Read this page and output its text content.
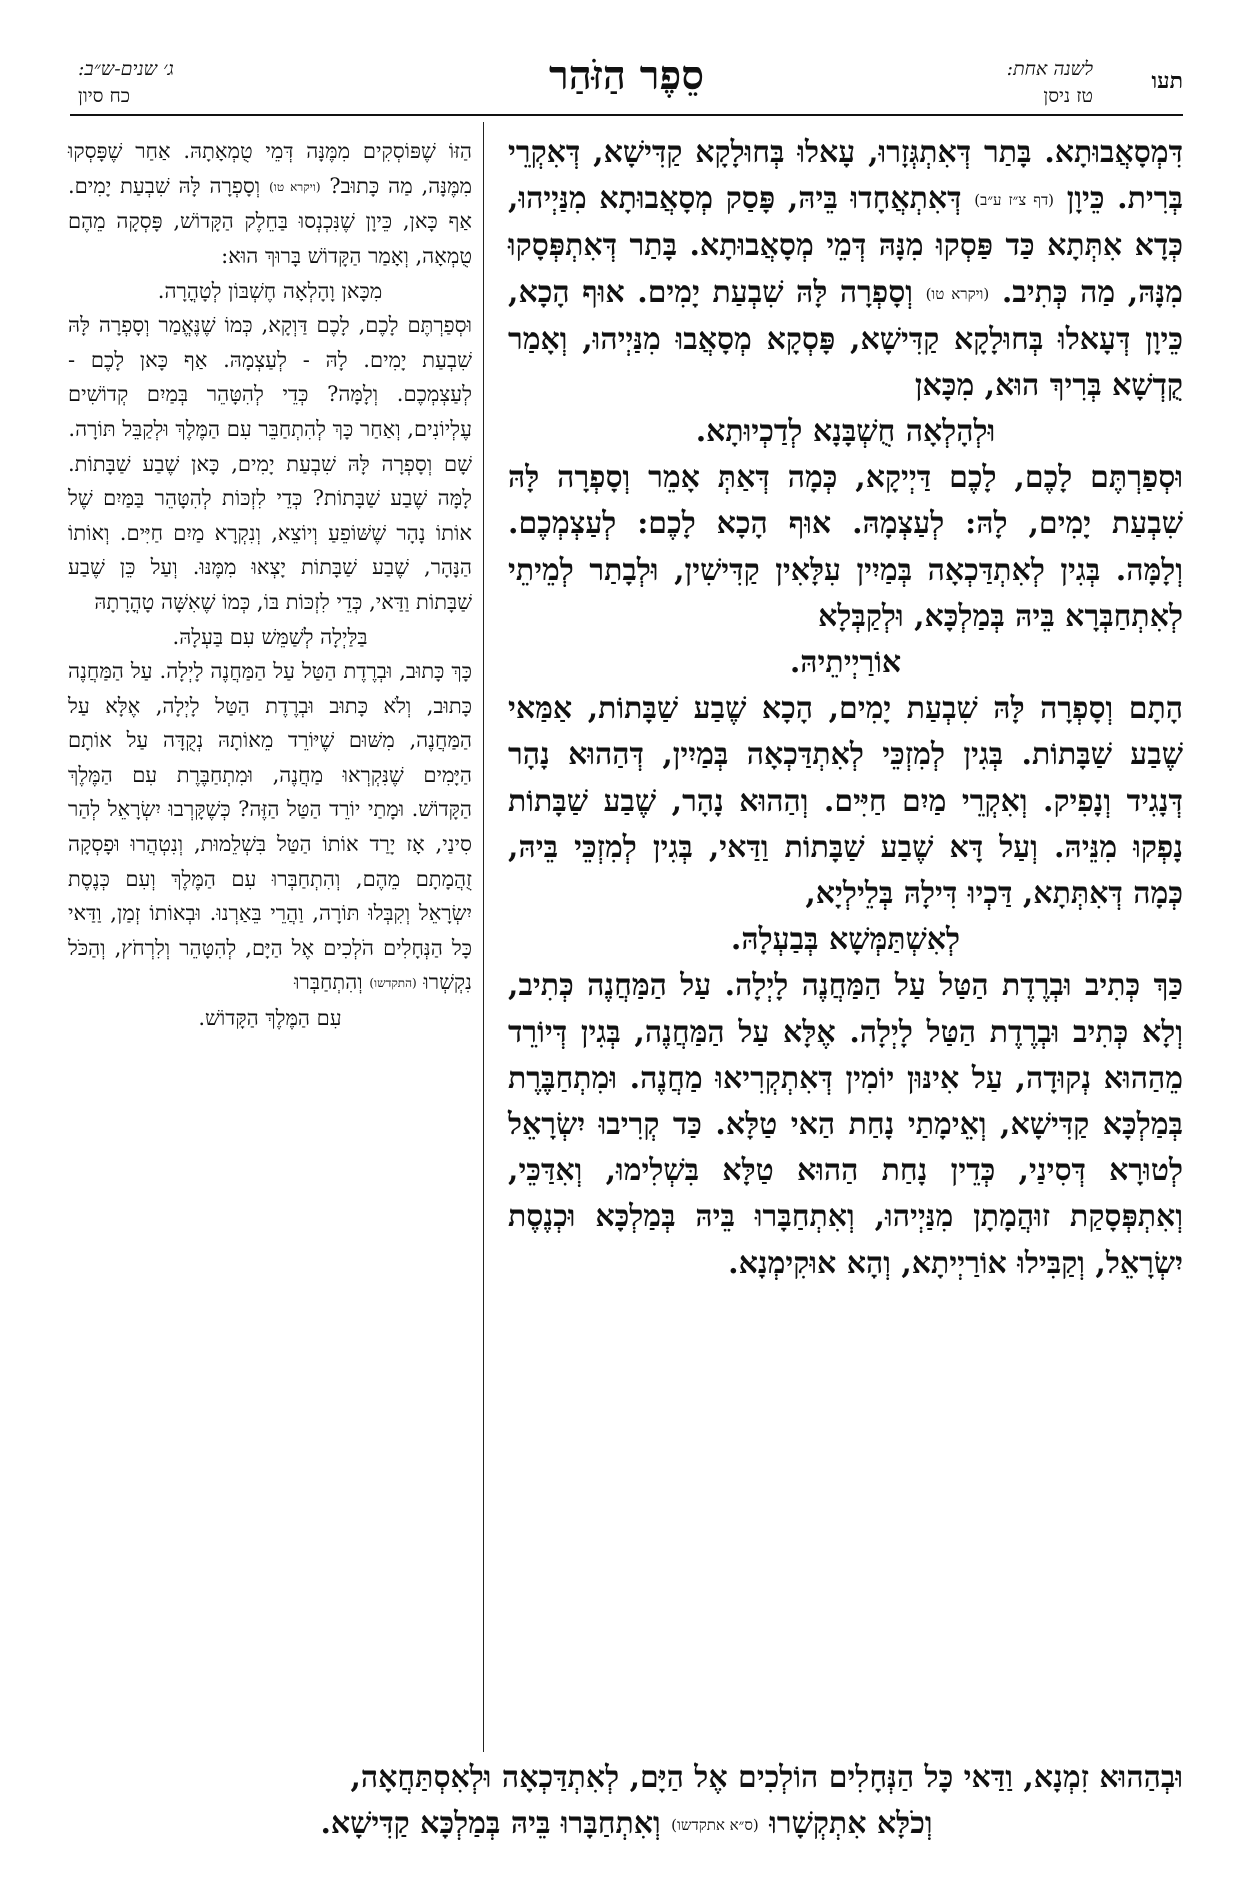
תעו
לשנה אחת:
טז ניסן
סֵפֶר הַזֹּהַר
ג׳ שנים-ש״ב:
כח סיון

דִּמְסָאֲבוּתָא. בָּתַר דְּאִתְגְּזָרוּ, עָאלוּ בְּחוּלָקָא קַדִּישָׁא, דְּאִקְרֵי בְּרִית. כֵּיוָן (דף צ״ז ע״ב) דְּאִתְאֲחָדוּ בֵּיהּ, פָּסַק מְסָאֲבוּתָא מִנַּיְיהוּ, כְּדָא אִתְּתָא כַּד פַּסְקוּ מִנָּהּ דְּמֵי מְסָאֲבוּתָא. בָּתַר דְּאִתְפְּסָקוּ מִנָּהּ, מַה כְּתִיב. (ויקרא טו) וְסָפְרָה לָּהּ שִׁבְעַת יָמִים. אוּף הָכָא, כֵּיוָן דְּעָאלוּ בְּחוּלָקָא קַדִּישָׁא, פָּסְקָא מְסָאֲבוּ מִנַּיְיהוּ, וְאָמַר קֻדְשָׁא בְּרִיךְ הוּא, מִכָּאן

וּלְהָלְאָה חֻשְׁבָּנָא לְדַכְיוּתָא.

וּסְפַרְתֶּם לָכֶם, לָכֶם דַּיְיקָא, כְּמָה דְּאַתְּ אָמֵר וְסָפְרָה לָּהּ שִׁבְעַת יָמִים, לָהּ: לְעַצְמָהּ. אוּף הָכָא לָכֶם: לְעַצְמְכֶם. וְלָמָּה. בְּגִין לְאִתְדַּכְאָה בְּמַיִין עִלָּאִין קַדִּישִׁין, וּלְבָתַר לְמֵיתֵי לְאִתְחַבְּרָא בֵּיהּ בְּמַלְכָּא, וּלְקַבְּלָא

אוֹרַיְיתֵיהּ.

הָתָם וְסָפְרָה לָּהּ שִׁבְעַת יָמִים, הָכָא שֶׁבַע שַׁבָּתוֹת, אַמַּאי שֶׁבַע שַׁבָּתוֹת. בְּגִין לְמִזְכֵּי לְאִתְדַּכְאָה בְּמַיִין, דְּהַהוּא נָהָר דְּנָגִיד וְנָפִיק. וְאִקְרֵי מַיִם חַיִּים. וְהַהוּא נָהָר, שֶׁבַע שַׁבָּתוֹת נָפְקוּ מִנֵּיהּ. וְעַל דָּא שֶׁבַע שַׁבָּתוֹת וַדַּאי, בְּגִין לְמִזְכֵּי בֵּיהּ, כְּמָה דְּאִתְּתָא, דַּכְיוּ דִּילָהּ בְּלֵילְיָא,

לְאִשְׁתַּמְּשָׁא בְּבַעְלָהּ.

כַּךְ כְּתִיב וּבְרֶדֶת הַטַּל עַל הַמַּחֲנֶה לָיְלָה. עַל הַמַּחֲנֶה כְּתִיב, וְלָא כְּתִיב וּבְרֶדֶת הַטַּל לָיְלָה. אֶלָּא עַל הַמַּחֲנֶה, בְּגִין דְּיוֹרֵד מֵהַהוּא נְקוּדָה, עַל אִינּוּן יוֹמִין דְּאִתְקְרִיאוּ מַחֲנֶה. וּמִתְחַבֶּרֶת בְּמַלְכָּא קַדִּישָׁא, וְאֵימָתַי נָחַת הַאי טַלָּא. כַּד קְרִיבוּ יִשְׂרָאֵל לְטוּרָא דְּסִינַי, כְּדֵין נָחַת הַהוּא טַלָּא בִּשְׁלִימוּ, וְאִדַּכֵּי, וְאִתְפְּסָקַת זוּהֲמָתָן מִנַּיְיהוּ, וְאִתְחַבָּרוּ בֵּיהּ בְּמַלְכָּא וּכְנֶסֶת יִשְׂרָאֵל, וְקַבִּילוּ אוֹרַיְיתָא, וְהָא אוּקִימְנָא.

הַזּוֹ שֶׁפּוֹסְקִים מִמֶּנָּה דְּמֵי טֻמְאָתָהּ. אַחַר שֶׁפָּסְקוּ מִמֶּנָּה, מַה כָּתוּב? (ויקרא טו) וְסָפְרָה לָּהּ שִׁבְעַת יָמִים. אַף כָּאן, כֵּיוָן שֶׁנִּכְנְסוּ בַּחֵלֶק הַקָּדוֹשׁ, פָּסְקָה מֵהֶם טֻמְאָה, וְאָמַר הַקָּדוֹשׁ בָּרוּךְ הוּא:

מִכָּאן וָהָלְאָה חֶשְׁבּוֹן לְטָהֳרָה.

וּסְפַרְתֶּם לָכֶם, לָכֶם דַּוְקָא, כְּמוֹ שֶׁנֶּאֱמַר וְסָפְרָה לָּהּ שִׁבְעַת יָמִים. לָהּ - לְעַצְמָהּ. אַף כָּאן לָכֶם - לְעַצְמְכֶם. וְלָמָּה? כְּדֵי לְהִטָּהֵר בְּמַיִם קְדוֹשִׁים עֶלְיוֹנִים, וְאַחַר כָּךְ לְהִתְחַבֵּר עִם הַמֶּלֶךְ וּלְקַבֵּל תּוֹרָה.

שָׁם וְסָפְרָה לָּהּ שִׁבְעַת יָמִים, כָּאן שֶׁבַע שַׁבָּתוֹת. לָמָּה שֶׁבַע שַׁבָּתוֹת? כְּדֵי לִזְכּוֹת לְהִטָּהֵר בַּמַּיִם שֶׁל אוֹתוֹ נָהָר שֶׁשּׁוֹפֵעַ וְיוֹצֵא, וְנִקְרָא מַיִם חַיִּים. וְאוֹתוֹ הַנָּהָר, שֶׁבַע שַׁבָּתוֹת יָצְאוּ מִמֶּנּוּ. וְעַל כֵּן שֶׁבַע שַׁבָּתוֹת וַדַּאי, כְּדֵי לִזְכּוֹת בּוֹ, כְּמוֹ שֶׁאִשָּׁה טָהֳרָתָהּ

בַּלַּיְלָה לְשַׁמֵּשׁ עִם בַּעְלָהּ.

כָּךְ כָּתוּב, וּבְרֶדֶת הַטַּל עַל הַמַּחֲנֶה לָיְלָה. עַל הַמַּחֲנֶה כָּתוּב, וְלֹא כָּתוּב וּבְרֶדֶת הַטַּל לָיְלָה, אֶלָּא עַל הַמַּחֲנֶה, מִשּׁוּם שֶׁיּוֹרֵד מֵאוֹתָהּ נְקֻדָּה עַל אוֹתָם הַיָּמִים שֶׁנִּקְרְאוּ מַחֲנֶה, וּמִתְחַבֶּרֶת עִם הַמֶּלֶךְ הַקָּדוֹשׁ. וּמָתַי יוֹרֵד הַטַּל הַזֶּה? כְּשֶׁקָּרְבוּ יִשְׂרָאֵל לְהַר סִינַי, אָז יָרַד אוֹתוֹ הַטַּל בִּשְׁלֵמוּת, וְנִטְהֲרוּ וּפָסְקָה זֻהֲמָתָם מֵהֶם, וְהִתְחַבְּרוּ עִם הַמֶּלֶךְ וְעִם כְּנֶסֶת יִשְׂרָאֵל וְקִבְּלוּ תּוֹרָה, וַהֲרֵי בֵּאַרְנוּ. וּבְאוֹתוֹ זְמַן, וַדַּאי כָּל הַנְּחָלִים הֹלְכִים אֶל הַיָּם, לְהִטָּהֵר וְלִרְחֹץ, וְהַכֹּל נִקְשְׁרוּ (התקדשו) וְהִתְחַבְּרוּ

עִם הַמֶּלֶךְ הַקָּדוֹשׁ.

וּבְהַהוּא זִמְנָא, וַדַּאי כָּל הַנְּחָלִים הוֹלְכִים אֶל הַיָּם, לְאִתְדַּכְאָה וּלְאִסְתַּחֲאָה,

וְכֹלָּא אִתְקְשָׁרוּ (ס״א אתקדשו) וְאִתְחַבָּרוּ בֵּיהּ בְּמַלְכָּא קַדִּישָׁא.
